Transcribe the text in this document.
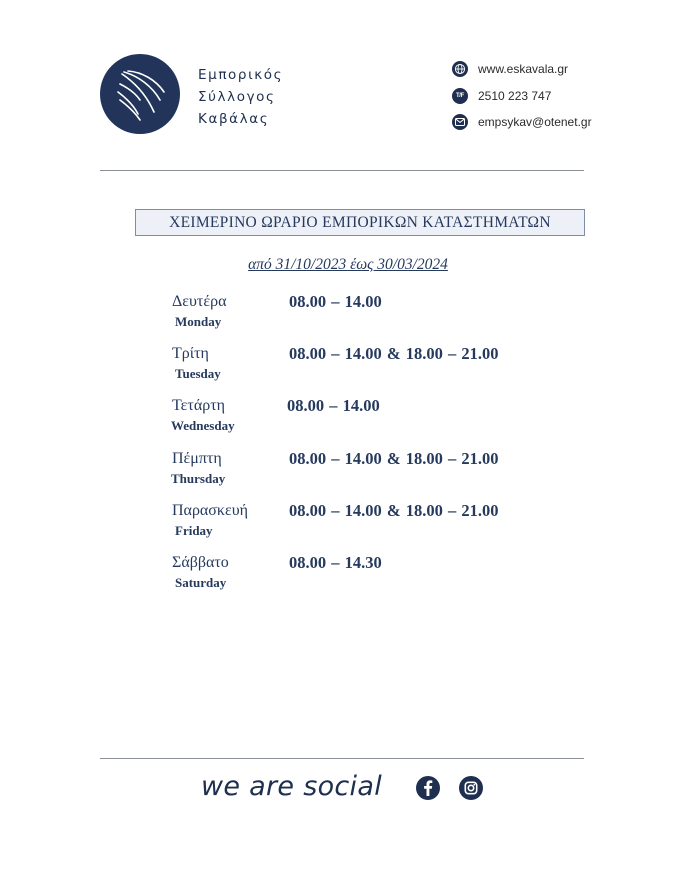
Εμπορικός
Σύλλογος
Καβάλας
www.eskavala.gr
T/F	2510 223 747
empsykav@otenet.gr
ΧΕΙΜΕΡΙΝΟ ΩΡΑΡΙΟ ΕΜΠΟΡΙΚΩΝ ΚΑΤΑΣΤΗΜΑΤΩΝ
από 31/10/2023 έως 30/03/2024
Δευτέρα
Monday
08.00 – 14.00
Τρίτη
Tuesday
08.00 – 14.00 & 18.00 – 21.00
Τετάρτη
Wednesday
08.00 – 14.00
Πέμπτη
Thursday
08.00 – 14.00 & 18.00 – 21.00
Παρασκευή
Friday
08.00 – 14.00 & 18.00 – 21.00
Σάββατο
Saturday
08.00 – 14.30
we are social
